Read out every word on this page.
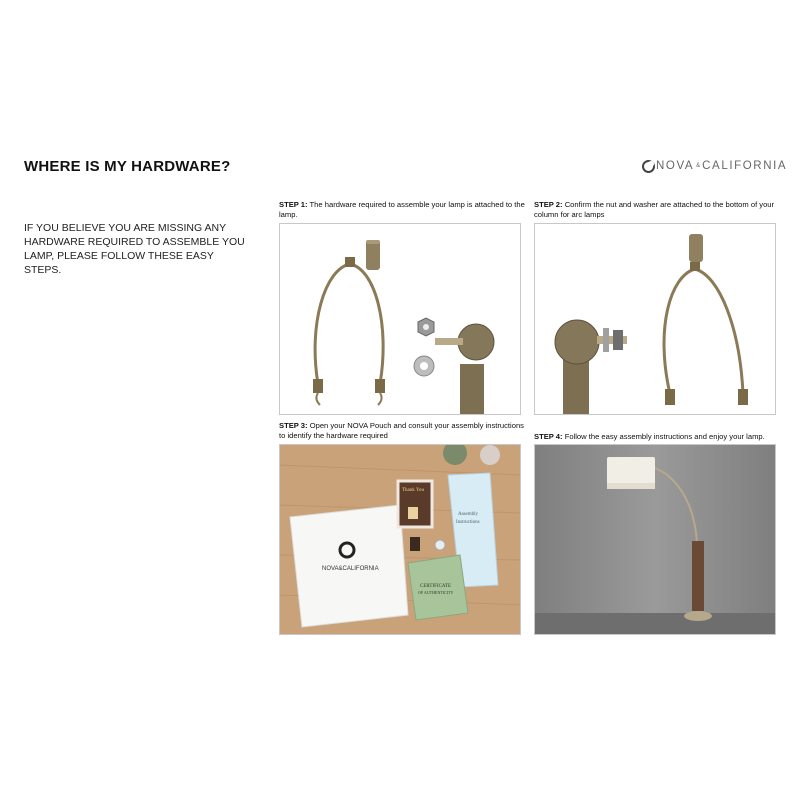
WHERE IS MY HARDWARE?
IF YOU BELIEVE YOU ARE MISSING ANY HARDWARE REQUIRED TO ASSEMBLE YOU LAMP, PLEASE FOLLOW THESE EASY STEPS.
NOVA & CALIFORNIA
STEP 1: The hardware required to assemble your lamp is attached to the lamp.
STEP 2: Confirm the nut and washer are attached to the bottom of your column for arc lamps
STEP 3: Open your NOVA Pouch and consult your assembly instructions to identify the hardware required
NOVA&CALIFORNIA
Thank You
Assembly
Instructions
CERTIFICATE
OF AUTHENTICITY
STEP 4: Follow the easy assembly instructions and enjoy your lamp.
